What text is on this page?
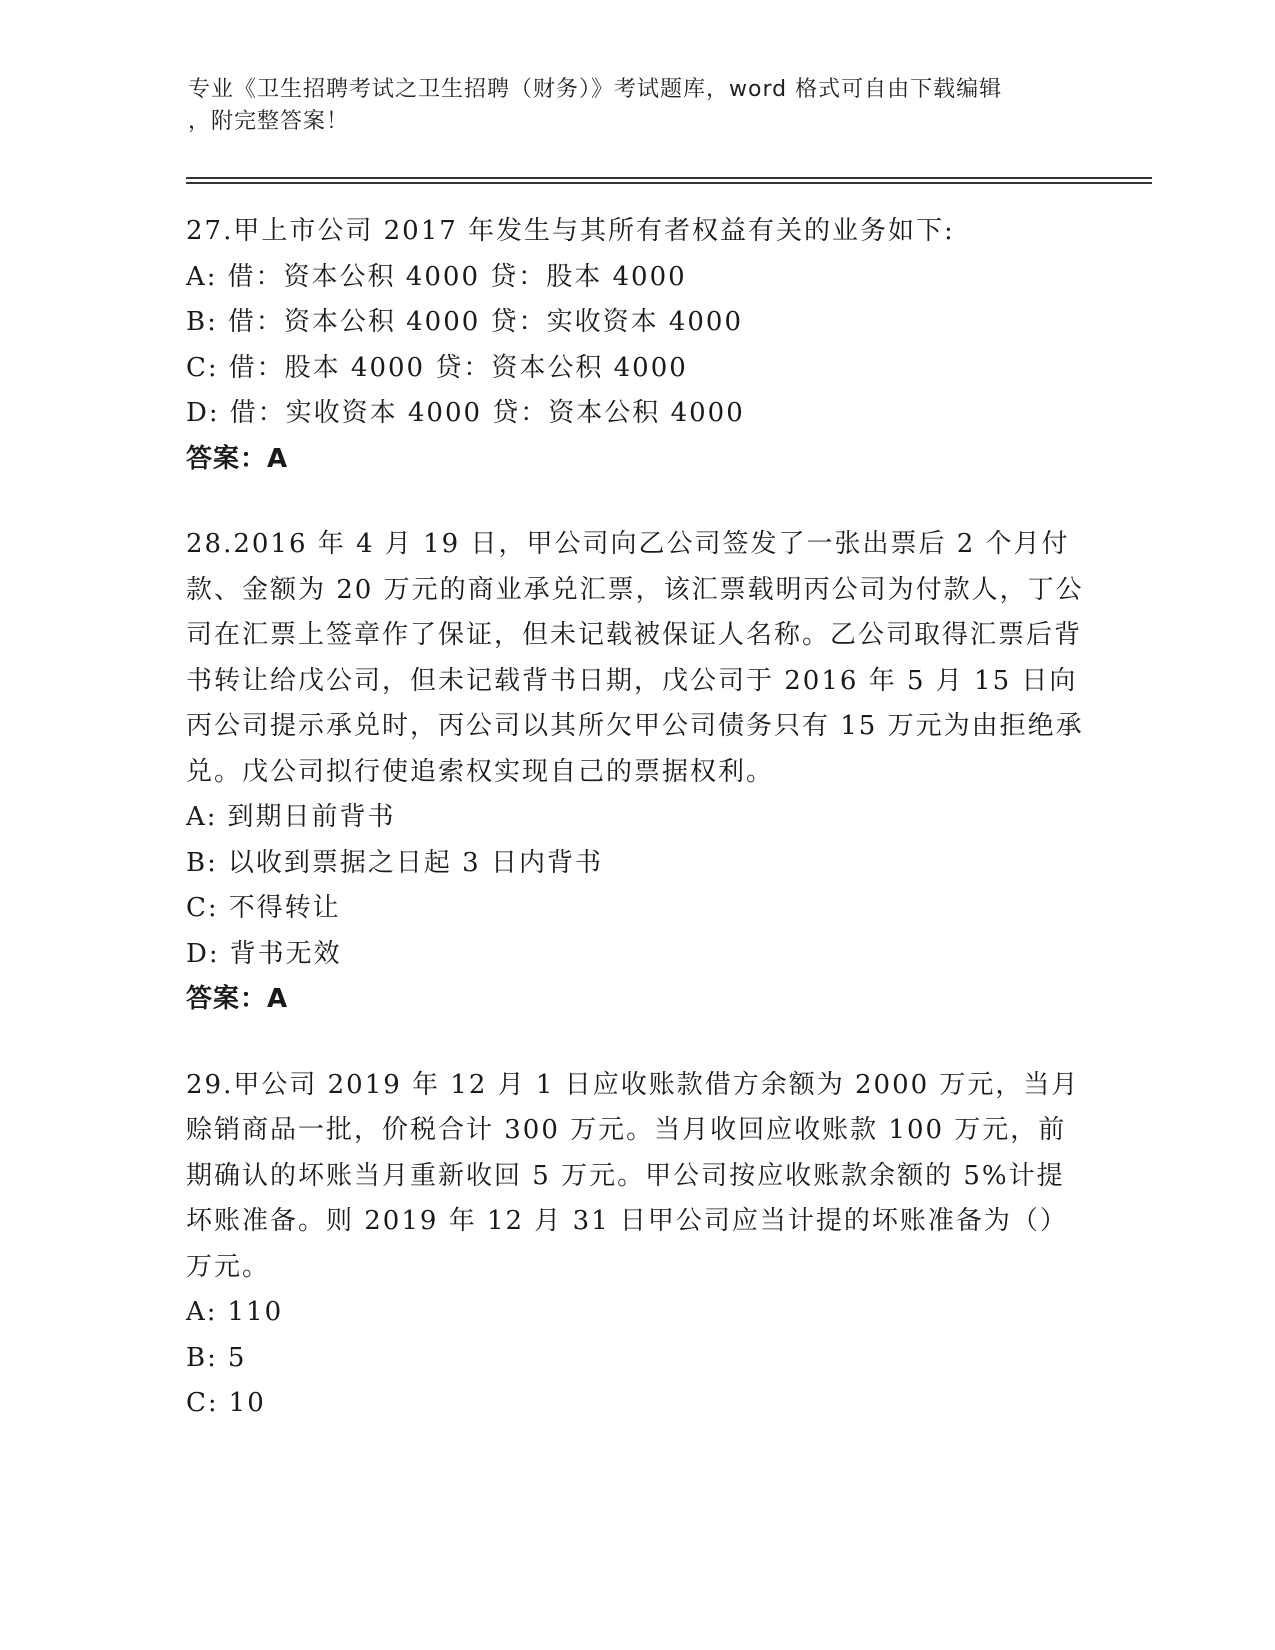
专业《卫生招聘考试之卫生招聘（财务）》考试题库，word 格式可自由下载编辑
，附完整答案！

27.甲上市公司 2017 年发生与其所有者权益有关的业务如下:

A: 借：资本公积 4000 贷：股本 4000

B: 借：资本公积 4000 贷：实收资本 4000

C: 借：股本 4000 贷：资本公积 4000

D: 借：实收资本 4000 贷：资本公积 4000

答案：A

28.2016 年 4 月 19 日，甲公司向乙公司签发了一张出票后 2 个月付款、金额为 20 万元的商业承兑汇票，该汇票载明丙公司为付款人，丁公司在汇票上签章作了保证，但未记载被保证人名称。乙公司取得汇票后背书转让给戊公司，但未记载背书日期，戊公司于 2016 年 5 月 15 日向丙公司提示承兑时，丙公司以其所欠甲公司债务只有 15 万元为由拒绝承兑。戊公司拟行使追索权实现自己的票据权利。

A: 到期日前背书

B: 以收到票据之日起 3 日内背书

C: 不得转让

D: 背书无效

答案：A

29.甲公司 2019 年 12 月 1 日应收账款借方余额为 2000 万元，当月赊销商品一批，价税合计 300 万元。当月收回应收账款 100 万元，前期确认的坏账当月重新收回 5 万元。甲公司按应收账款余额的 5%计提坏账准备。则 2019 年 12 月 31 日甲公司应当计提的坏账准备为（）万元。

A: 110

B: 5

C: 10
